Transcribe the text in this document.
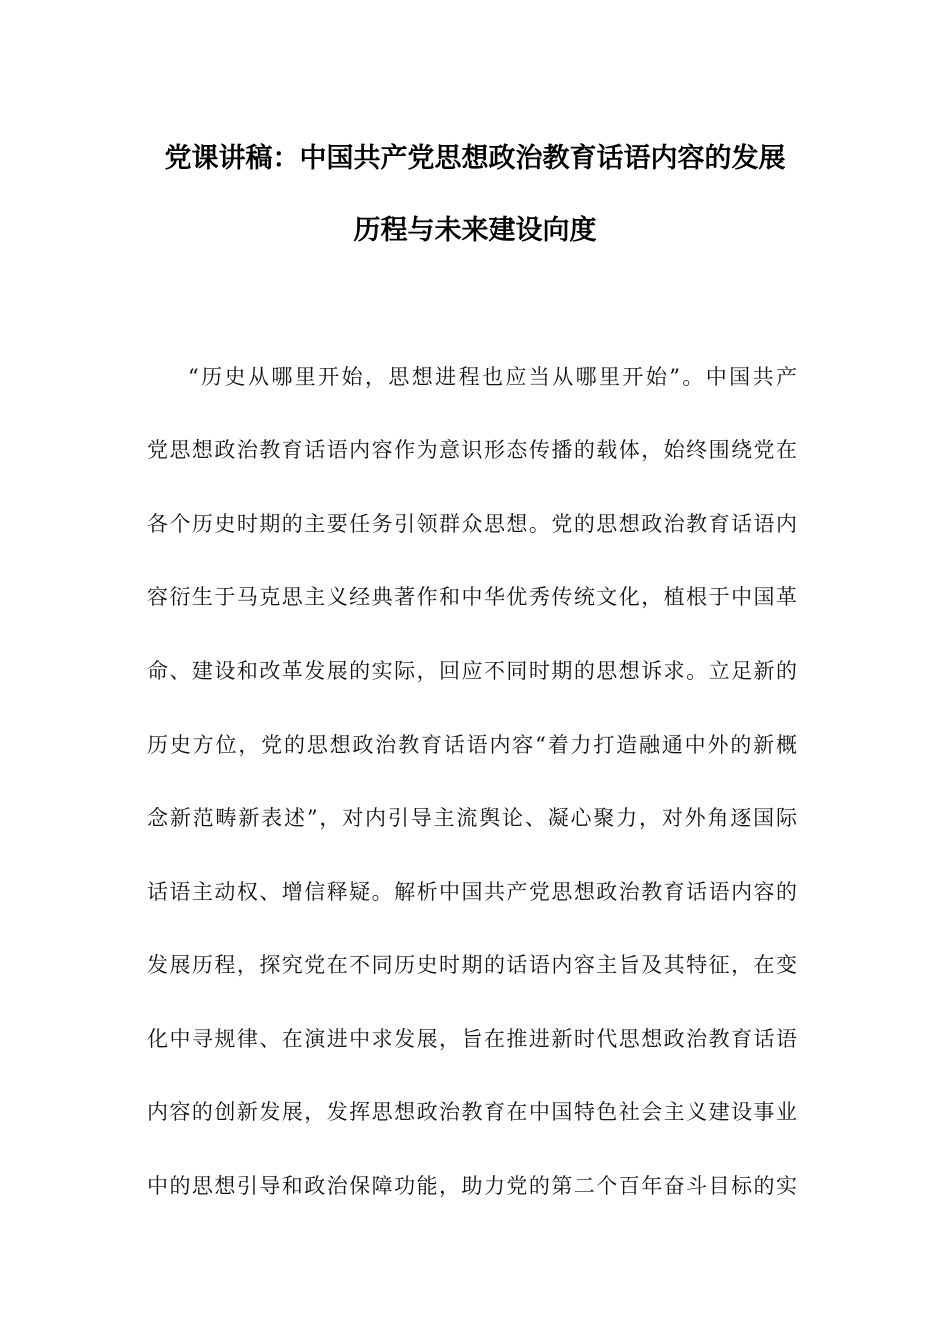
党课讲稿：中国共产党思想政治教育话语内容的发展
历程与未来建设向度
“历史从哪里开始，思想进程也应当从哪里开始”。中国共产
党思想政治教育话语内容作为意识形态传播的载体，始终围绕党在
各个历史时期的主要任务引领群众思想。党的思想政治教育话语内
容衍生于马克思主义经典著作和中华优秀传统文化，植根于中国革
命、建设和改革发展的实际，回应不同时期的思想诉求。立足新的
历史方位，党的思想政治教育话语内容“着力打造融通中外的新概
念新范畴新表述”，对内引导主流舆论、凝心聚力，对外角逐国际
话语主动权、增信释疑。解析中国共产党思想政治教育话语内容的
发展历程，探究党在不同历史时期的话语内容主旨及其特征，在变
化中寻规律、在演进中求发展，旨在推进新时代思想政治教育话语
内容的创新发展，发挥思想政治教育在中国特色社会主义建设事业
中的思想引导和政治保障功能，助力党的第二个百年奋斗目标的实
